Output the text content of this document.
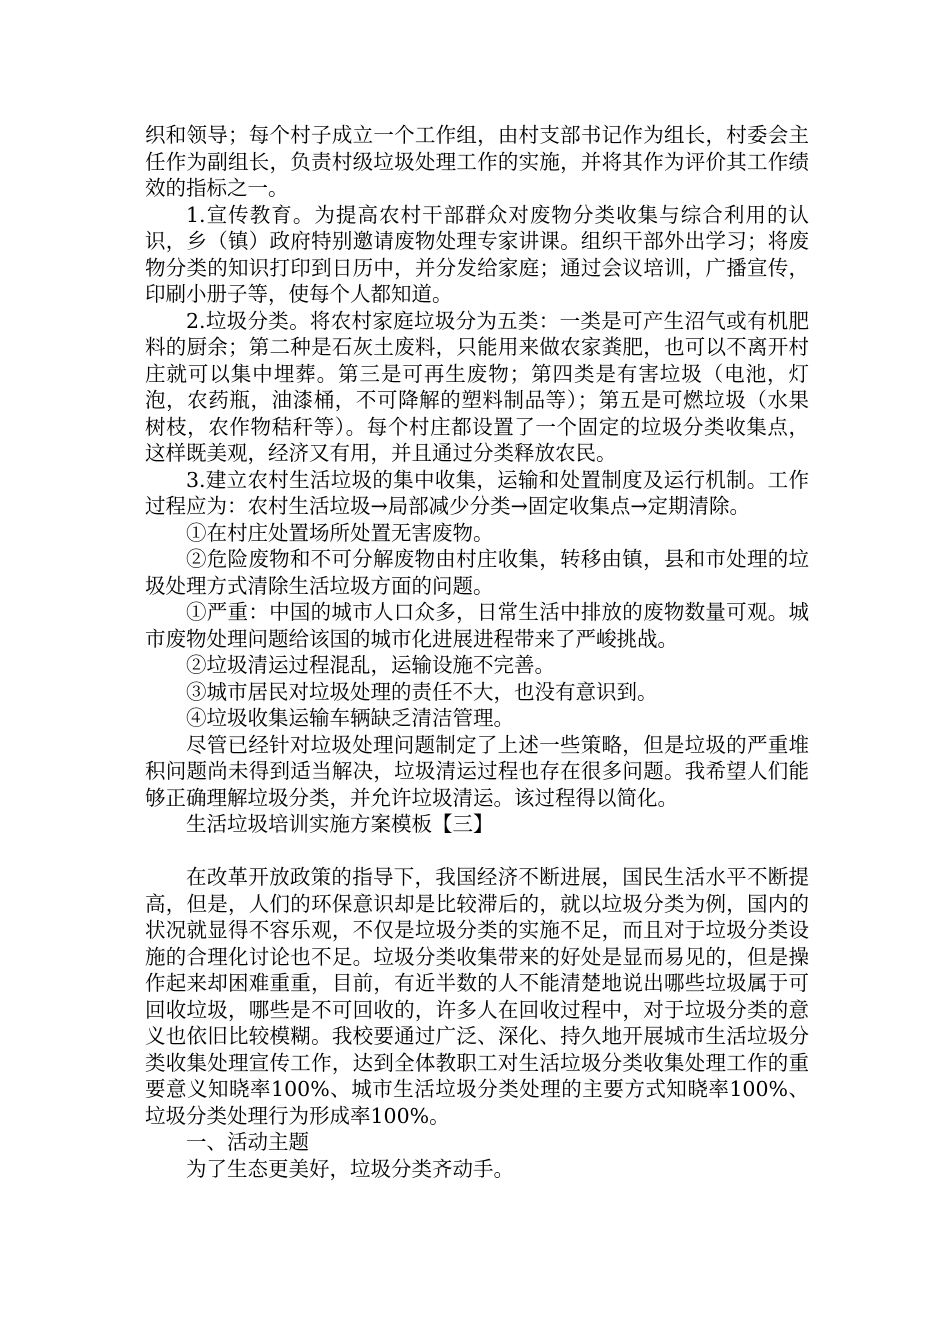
织和领导；每个村子成立一个工作组，由村支部书记作为组长，村委会主任作为副组长，负责村级垃圾处理工作的实施，并将其作为评价其工作绩效的指标之一。

1.宣传教育。为提高农村干部群众对废物分类收集与综合利用的认识，乡（镇）政府特别邀请废物处理专家讲课。组织干部外出学习；将废物分类的知识打印到日历中，并分发给家庭；通过会议培训，广播宣传，印刷小册子等，使每个人都知道。

2.垃圾分类。将农村家庭垃圾分为五类：一类是可产生沼气或有机肥料的厨余；第二种是石灰土废料，只能用来做农家粪肥，也可以不离开村庄就可以集中埋葬。第三是可再生废物；第四类是有害垃圾（电池，灯泡，农药瓶，油漆桶，不可降解的塑料制品等）；第五是可燃垃圾（水果树枝，农作物秸秆等）。每个村庄都设置了一个固定的垃圾分类收集点，这样既美观，经济又有用，并且通过分类释放农民。

3.建立农村生活垃圾的集中收集，运输和处置制度及运行机制。工作过程应为：农村生活垃圾→局部减少分类→固定收集点→定期清除。

①在村庄处置场所处置无害废物。

②危险废物和不可分解废物由村庄收集，转移由镇，县和市处理的垃圾处理方式清除生活垃圾方面的问题。

①严重：中国的城市人口众多，日常生活中排放的废物数量可观。城市废物处理问题给该国的城市化进展进程带来了严峻挑战。

②垃圾清运过程混乱，运输设施不完善。

③城市居民对垃圾处理的责任不大，也没有意识到。

④垃圾收集运输车辆缺乏清洁管理。

尽管已经针对垃圾处理问题制定了上述一些策略，但是垃圾的严重堆积问题尚未得到适当解决，垃圾清运过程也存在很多问题。我希望人们能够正确理解垃圾分类，并允许垃圾清运。该过程得以简化。

生活垃圾培训实施方案模板【三】

在改革开放政策的指导下，我国经济不断进展，国民生活水平不断提高，但是，人们的环保意识却是比较滞后的，就以垃圾分类为例，国内的状况就显得不容乐观，不仅是垃圾分类的实施不足，而且对于垃圾分类设施的合理化讨论也不足。垃圾分类收集带来的好处是显而易见的，但是操作起来却困难重重，目前，有近半数的人不能清楚地说出哪些垃圾属于可回收垃圾，哪些是不可回收的，许多人在回收过程中，对于垃圾分类的意义也依旧比较模糊。我校要通过广泛、深化、持久地开展城市生活垃圾分类收集处理宣传工作，达到全体教职工对生活垃圾分类收集处理工作的重要意义知晓率100%、城市生活垃圾分类处理的主要方式知晓率100%、垃圾分类处理行为形成率100%。

一、活动主题

为了生态更美好，垃圾分类齐动手。
